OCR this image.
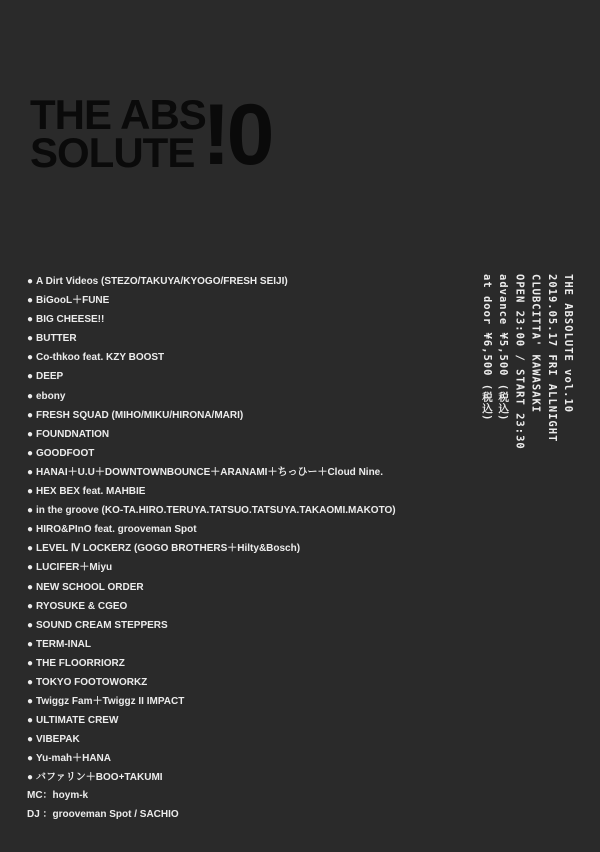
THE ABS
SOLUTE !0
● A Dirt Videos (STEZO/TAKUYA/KYOGO/FRESH SEIJI)
● BiGooL＋FUNE
● BIG CHEESE!!
● BUTTER
● Co-thkoo feat. KZY BOOST
● DEEP
● ebony
● FRESH SQUAD (MIHO/MIKU/HIRONA/MARI)
● FOUNDNATION
● GOODFOOT
● HANAI＋U.U＋DOWNTOWNBOUNCE＋ARANAMI＋ちっひー＋Cloud Nine.
● HEX BEX feat. MAHBIE
● in the groove (KO-TA.HIRO.TERUYA.TATSUO.TATSUYA.TAKAOMI.MAKOTO)
● HIRO&PInO feat. grooveman Spot
● LEVEL Ⅳ LOCKERZ (GOGO BROTHERS＋Hilty&Bosch)
● LUCIFER＋Miyu
● NEW SCHOOL ORDER
● RYOSUKE & CGEO
● SOUND CREAM STEPPERS
● TERM-INAL
● THE FLOORRIORZ
● TOKYO FOOTOWORKZ
● Twiggz Fam＋Twiggz II IMPACT
● ULTIMATE CREW
● VIBEPAK
● Yu-mah＋HANA
● バファリン＋BOO+TAKUMI
MC：hoym-k
DJ ：grooveman Spot / SACHIO
THE ABSOLUTE vol.10
2019.05.17 FRI ALLNIGHT
CLUBCITTA' KAWASAKI
OPEN 23:00 / START 23:30
advance ¥5,500 (税込)
at door ¥6,500 (税込)
